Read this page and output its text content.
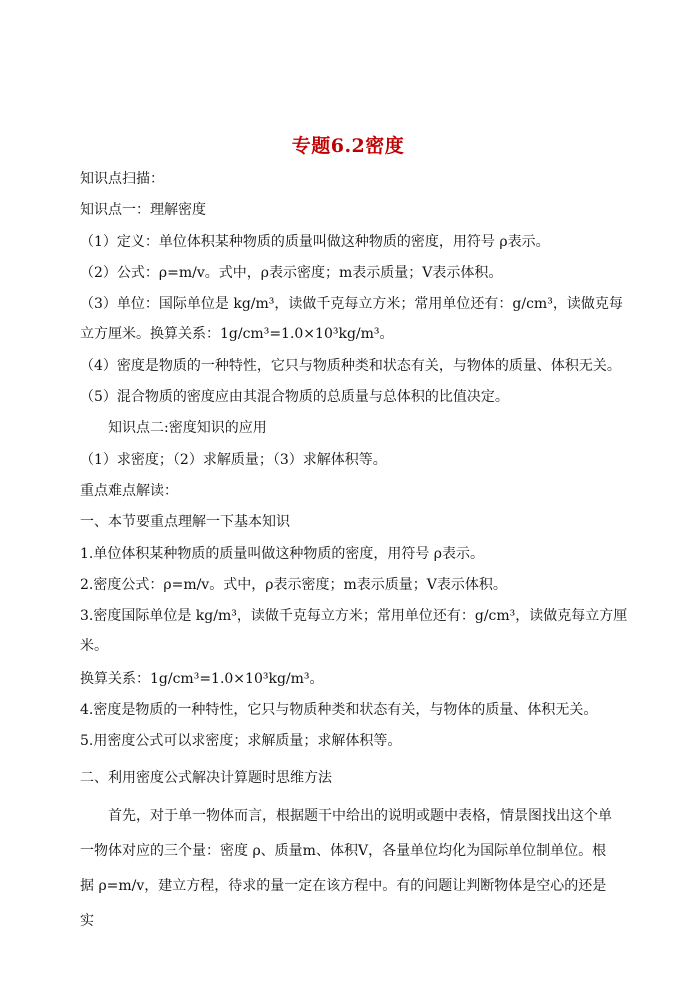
专题6.2密度
知识点扫描：
知识点一：理解密度
（1）定义：单位体积某种物质的质量叫做这种物质的密度，用符号 ρ表示。
（2）公式：ρ=m/v。式中，ρ表示密度；m表示质量；V表示体积。
（3）单位：国际单位是 kg/m³，读做千克每立方米；常用单位还有：g/cm³，读做克每
立方厘米。换算关系：1g/cm³=1.0×10³kg/m³。
（4）密度是物质的一种特性，它只与物质种类和状态有关，与物体的质量、体积无关。
（5）混合物质的密度应由其混合物质的总质量与总体积的比值决定。
知识点二:密度知识的应用
（1）求密度；（2）求解质量；（3）求解体积等。
重点难点解读：
一、本节要重点理解一下基本知识
1.单位体积某种物质的质量叫做这种物质的密度，用符号 ρ表示。
2.密度公式：ρ=m/v。式中，ρ表示密度；m表示质量；V表示体积。
3.密度国际单位是 kg/m³，读做千克每立方米；常用单位还有：g/cm³，读做克每立方厘
米。
换算关系：1g/cm³=1.0×10³kg/m³。
4.密度是物质的一种特性，它只与物质种类和状态有关，与物体的质量、体积无关。
5.用密度公式可以求密度；求解质量；求解体积等。
二、利用密度公式解决计算题时思维方法
首先，对于单一物体而言，根据题干中给出的说明或题中表格，情景图找出这个单一物体对应的三个量：密度 ρ、质量m、体积V，各量单位均化为国际单位制单位。根据 ρ=m/v，建立方程，待求的量一定在该方程中。有的问题让判断物体是空心的还是实
